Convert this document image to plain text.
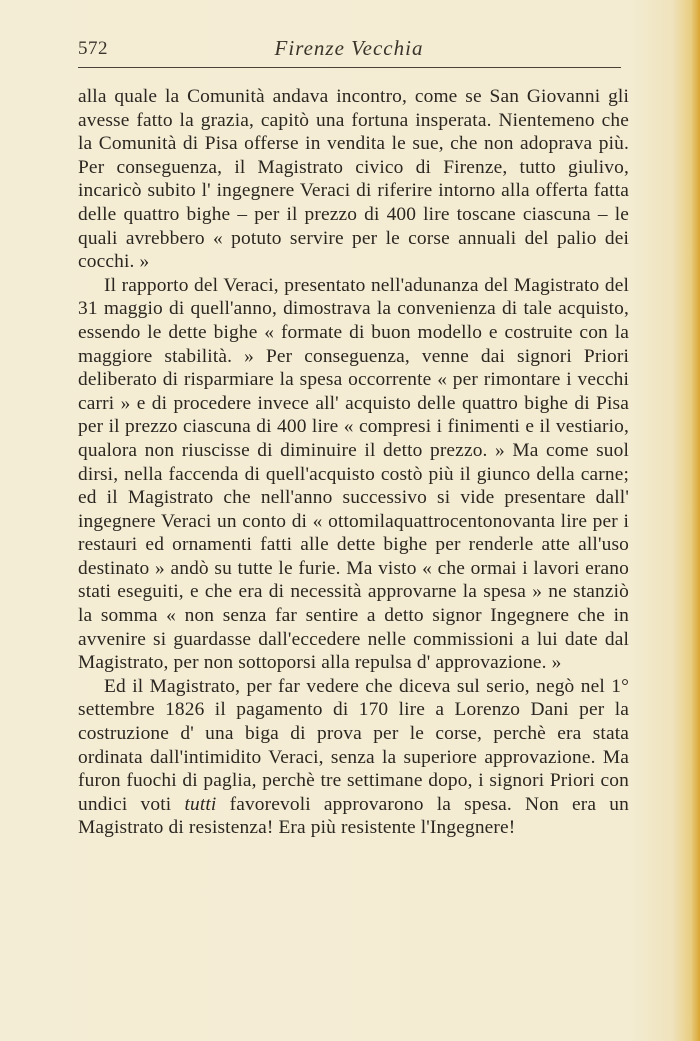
572	Firenze Vecchia

alla quale la Comunità andava incontro, come se San Giovanni gli avesse fatto la grazia, capitò una fortuna insperata. Nientemeno che la Comunità di Pisa offerse in vendita le sue, che non adoprava più. Per conseguenza, il Magistrato civico di Firenze, tutto giulivo, incaricò subito l' ingegnere Veraci di riferire intorno alla offerta fatta delle quattro bighe – per il prezzo di 400 lire toscane ciascuna – le quali avrebbero « potuto servire per le corse annuali del palio dei cocchi. »

Il rapporto del Veraci, presentato nell'adunanza del Magistrato del 31 maggio di quell'anno, dimostrava la convenienza di tale acquisto, essendo le dette bighe « formate di buon modello e costruite con la maggiore stabilità. » Per conseguenza, venne dai signori Priori deliberato di risparmiare la spesa occorrente « per rimontare i vecchi carri » e di procedere invece all' acquisto delle quattro bighe di Pisa per il prezzo ciascuna di 400 lire « compresi i finimenti e il vestiario, qualora non riuscisse di diminuire il detto prezzo. » Ma come suol dirsi, nella faccenda di quell'acquisto costò più il giunco della carne; ed il Magistrato che nell'anno successivo si vide presentare dall' ingegnere Veraci un conto di « ottomilaquattrocentonovanta lire per i restauri ed ornamenti fatti alle dette bighe per renderle atte all'uso destinato » andò su tutte le furie. Ma visto « che ormai i lavori erano stati eseguiti, e che era di necessità approvarne la spesa » ne stanziò la somma « non senza far sentire a detto signor Ingegnere che in avvenire si guardasse dall'eccedere nelle commissioni a lui date dal Magistrato, per non sottoporsi alla repulsa d' approvazione. »

Ed il Magistrato, per far vedere che diceva sul serio, negò nel 1° settembre 1826 il pagamento di 170 lire a Lorenzo Dani per la costruzione d' una biga di prova per le corse, perchè era stata ordinata dall'intimidito Veraci, senza la superiore approvazione. Ma furon fuochi di paglia, perchè tre settimane dopo, i signori Priori con undici voti tutti favorevoli approvarono la spesa. Non era un Magistrato di resistenza! Era più resistente l'Ingegnere!
